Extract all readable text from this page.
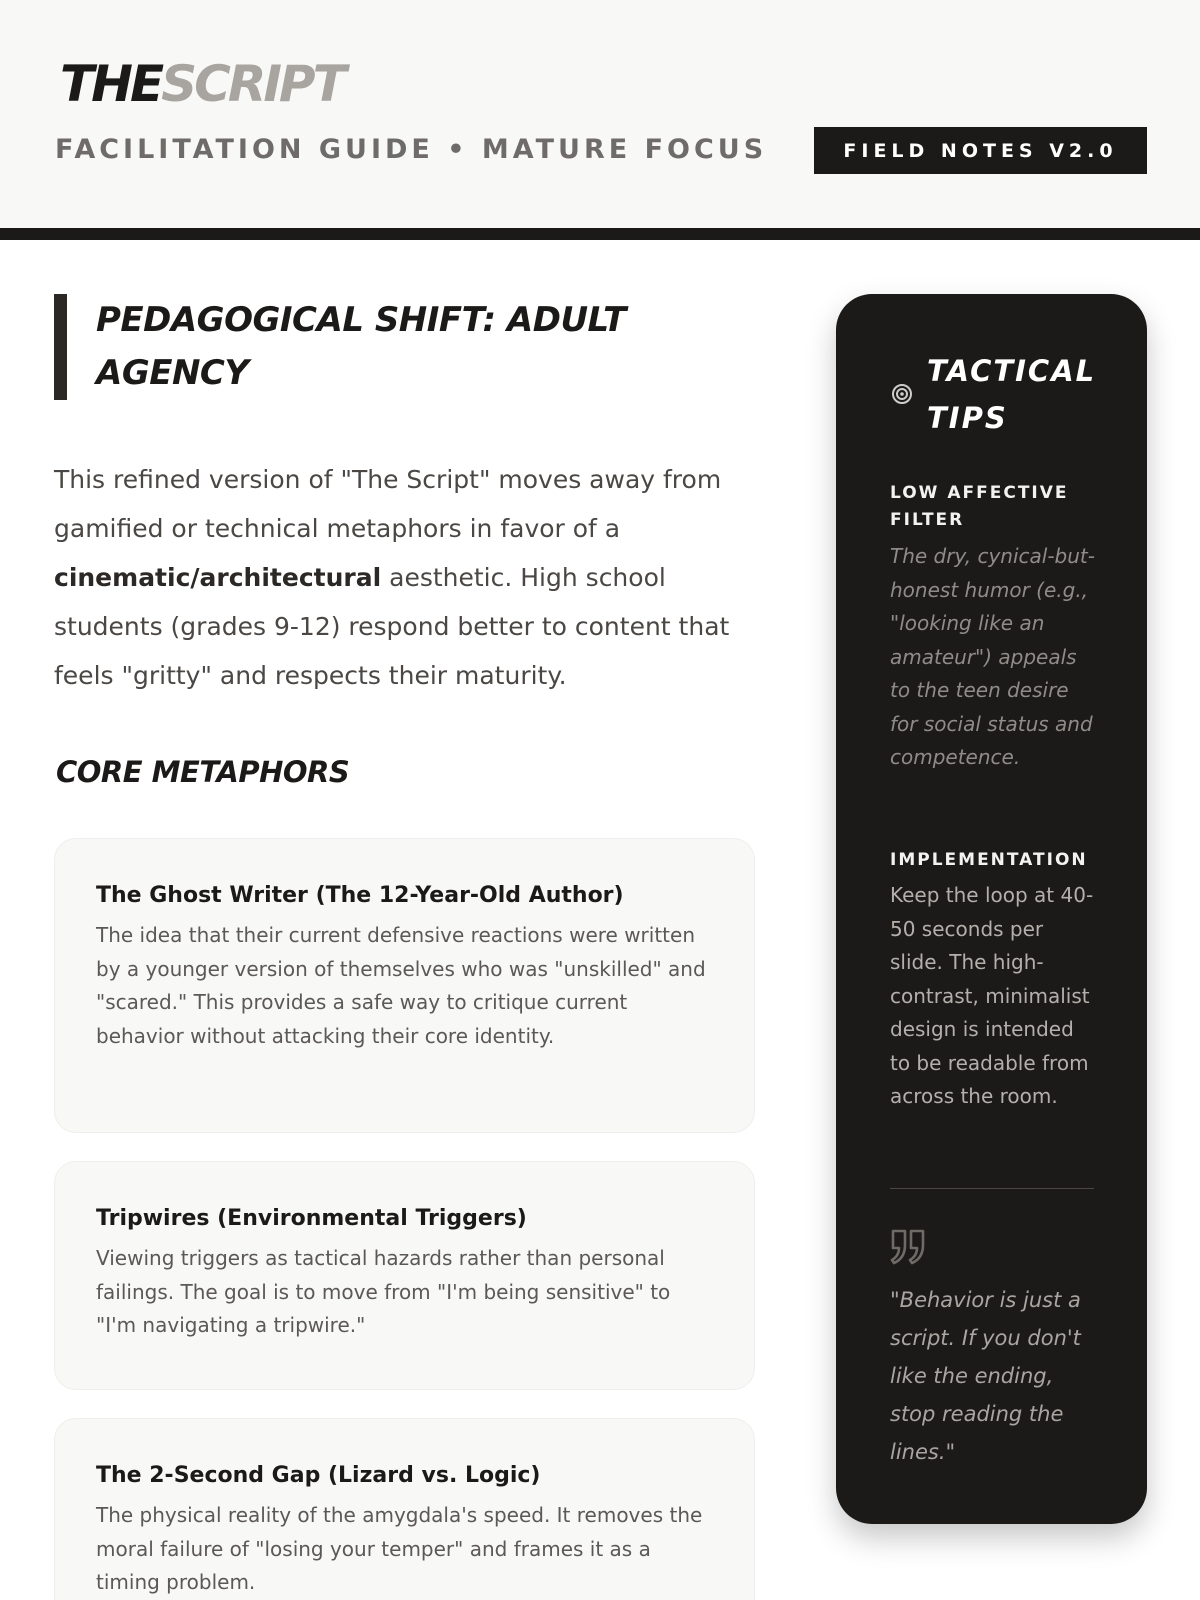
THESCRIPT
FACILITATION GUIDE • MATURE FOCUS	FIELD NOTES V2.0
PEDAGOGICAL SHIFT: ADULT AGENCY

This refined version of "The Script" moves away from gamified or technical metaphors in favor of a cinematic/architectural aesthetic. High school students (grades 9-12) respond better to content that feels "gritty" and respects their maturity.

CORE METAPHORS
The Ghost Writer (The 12-Year-Old Author)
The idea that their current defensive reactions were written by a younger version of themselves who was "unskilled" and "scared." This provides a safe way to critique current behavior without attacking their core identity.
Tripwires (Environmental Triggers)
Viewing triggers as tactical hazards rather than personal failings. The goal is to move from "I'm being sensitive" to "I'm navigating a tripwire."
The 2-Second Gap (Lizard vs. Logic)
The physical reality of the amygdala's speed. It removes the moral failure of "losing your temper" and frames it as a timing problem.
TACTICAL TIPS
LOW AFFECTIVE FILTER
The dry, cynical-but-honest humor (e.g., "looking like an amateur") appeals to the teen desire for social status and competence.
IMPLEMENTATION
Keep the loop at 40-50 seconds per slide. The high-contrast, minimalist design is intended to be readable from across the room.
"Behavior is just a script. If you don't like the ending, stop reading the lines."
